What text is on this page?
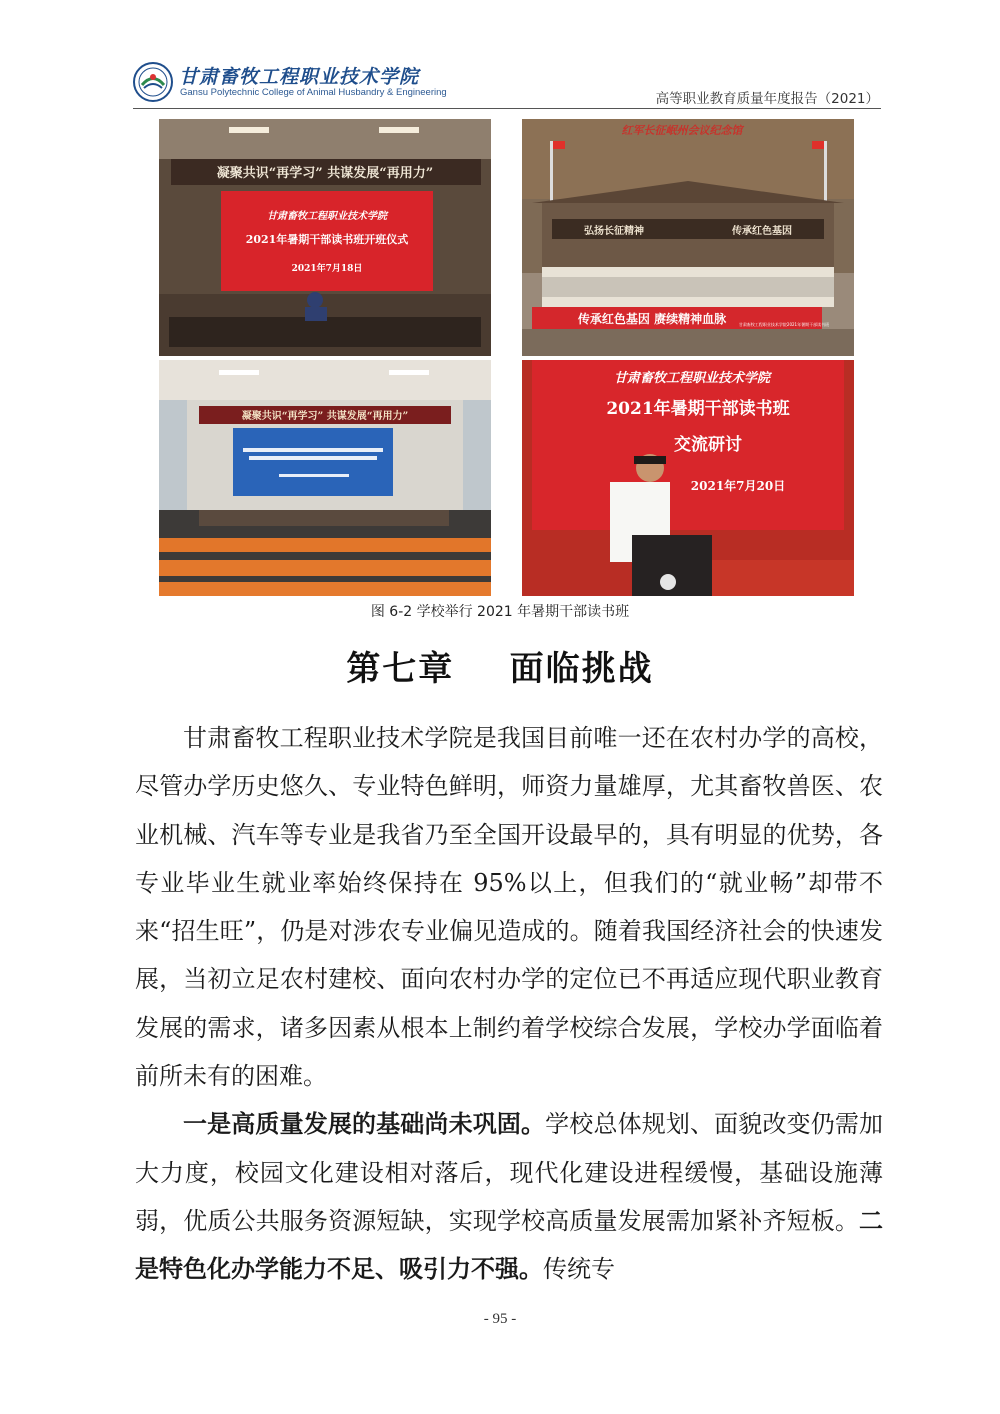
甘肃畜牧工程职业技术学院
Gansu Polytechnic College of Animal Husbandry & Engineering	高等职业教育质量年度报告（2021）
凝聚共识“再学习” 共谋发展“再用力”
甘肃畜牧工程职业技术学院
2021年暑期干部读书班开班仪式
2021年7月18日
红军长征岷州会议纪念馆
弘扬长征精神	传承红色基因
传承红色基因 赓续精神血脉	甘肃畜牧工程职业技术学院2021年暑期干部读书班
凝聚共识“再学习” 共谋发展“再用力”
甘肃畜牧工程职业技术学院
2021年暑期干部读书班
交流研讨
2021年7月20日
图 6-2 学校举行 2021 年暑期干部读书班
第七章    面临挑战

甘肃畜牧工程职业技术学院是我国目前唯一还在农村办学的高校，尽管办学历史悠久、专业特色鲜明，师资力量雄厚，尤其畜牧兽医、农业机械、汽车等专业是我省乃至全国开设最早的，具有明显的优势，各专业毕业生就业率始终保持在 95%以上，但我们的“就业畅”却带不来“招生旺”，仍是对涉农专业偏见造成的。随着我国经济社会的快速发展，当初立足农村建校、面向农村办学的定位已不再适应现代职业教育发展的需求，诸多因素从根本上制约着学校综合发展，学校办学面临着前所未有的困难。

一是高质量发展的基础尚未巩固。学校总体规划、面貌改变仍需加大力度，校园文化建设相对落后，现代化建设进程缓慢，基础设施薄弱，优质公共服务资源短缺，实现学校高质量发展需加紧补齐短板。二是特色化办学能力不足、吸引力不强。传统专

- 95 -
